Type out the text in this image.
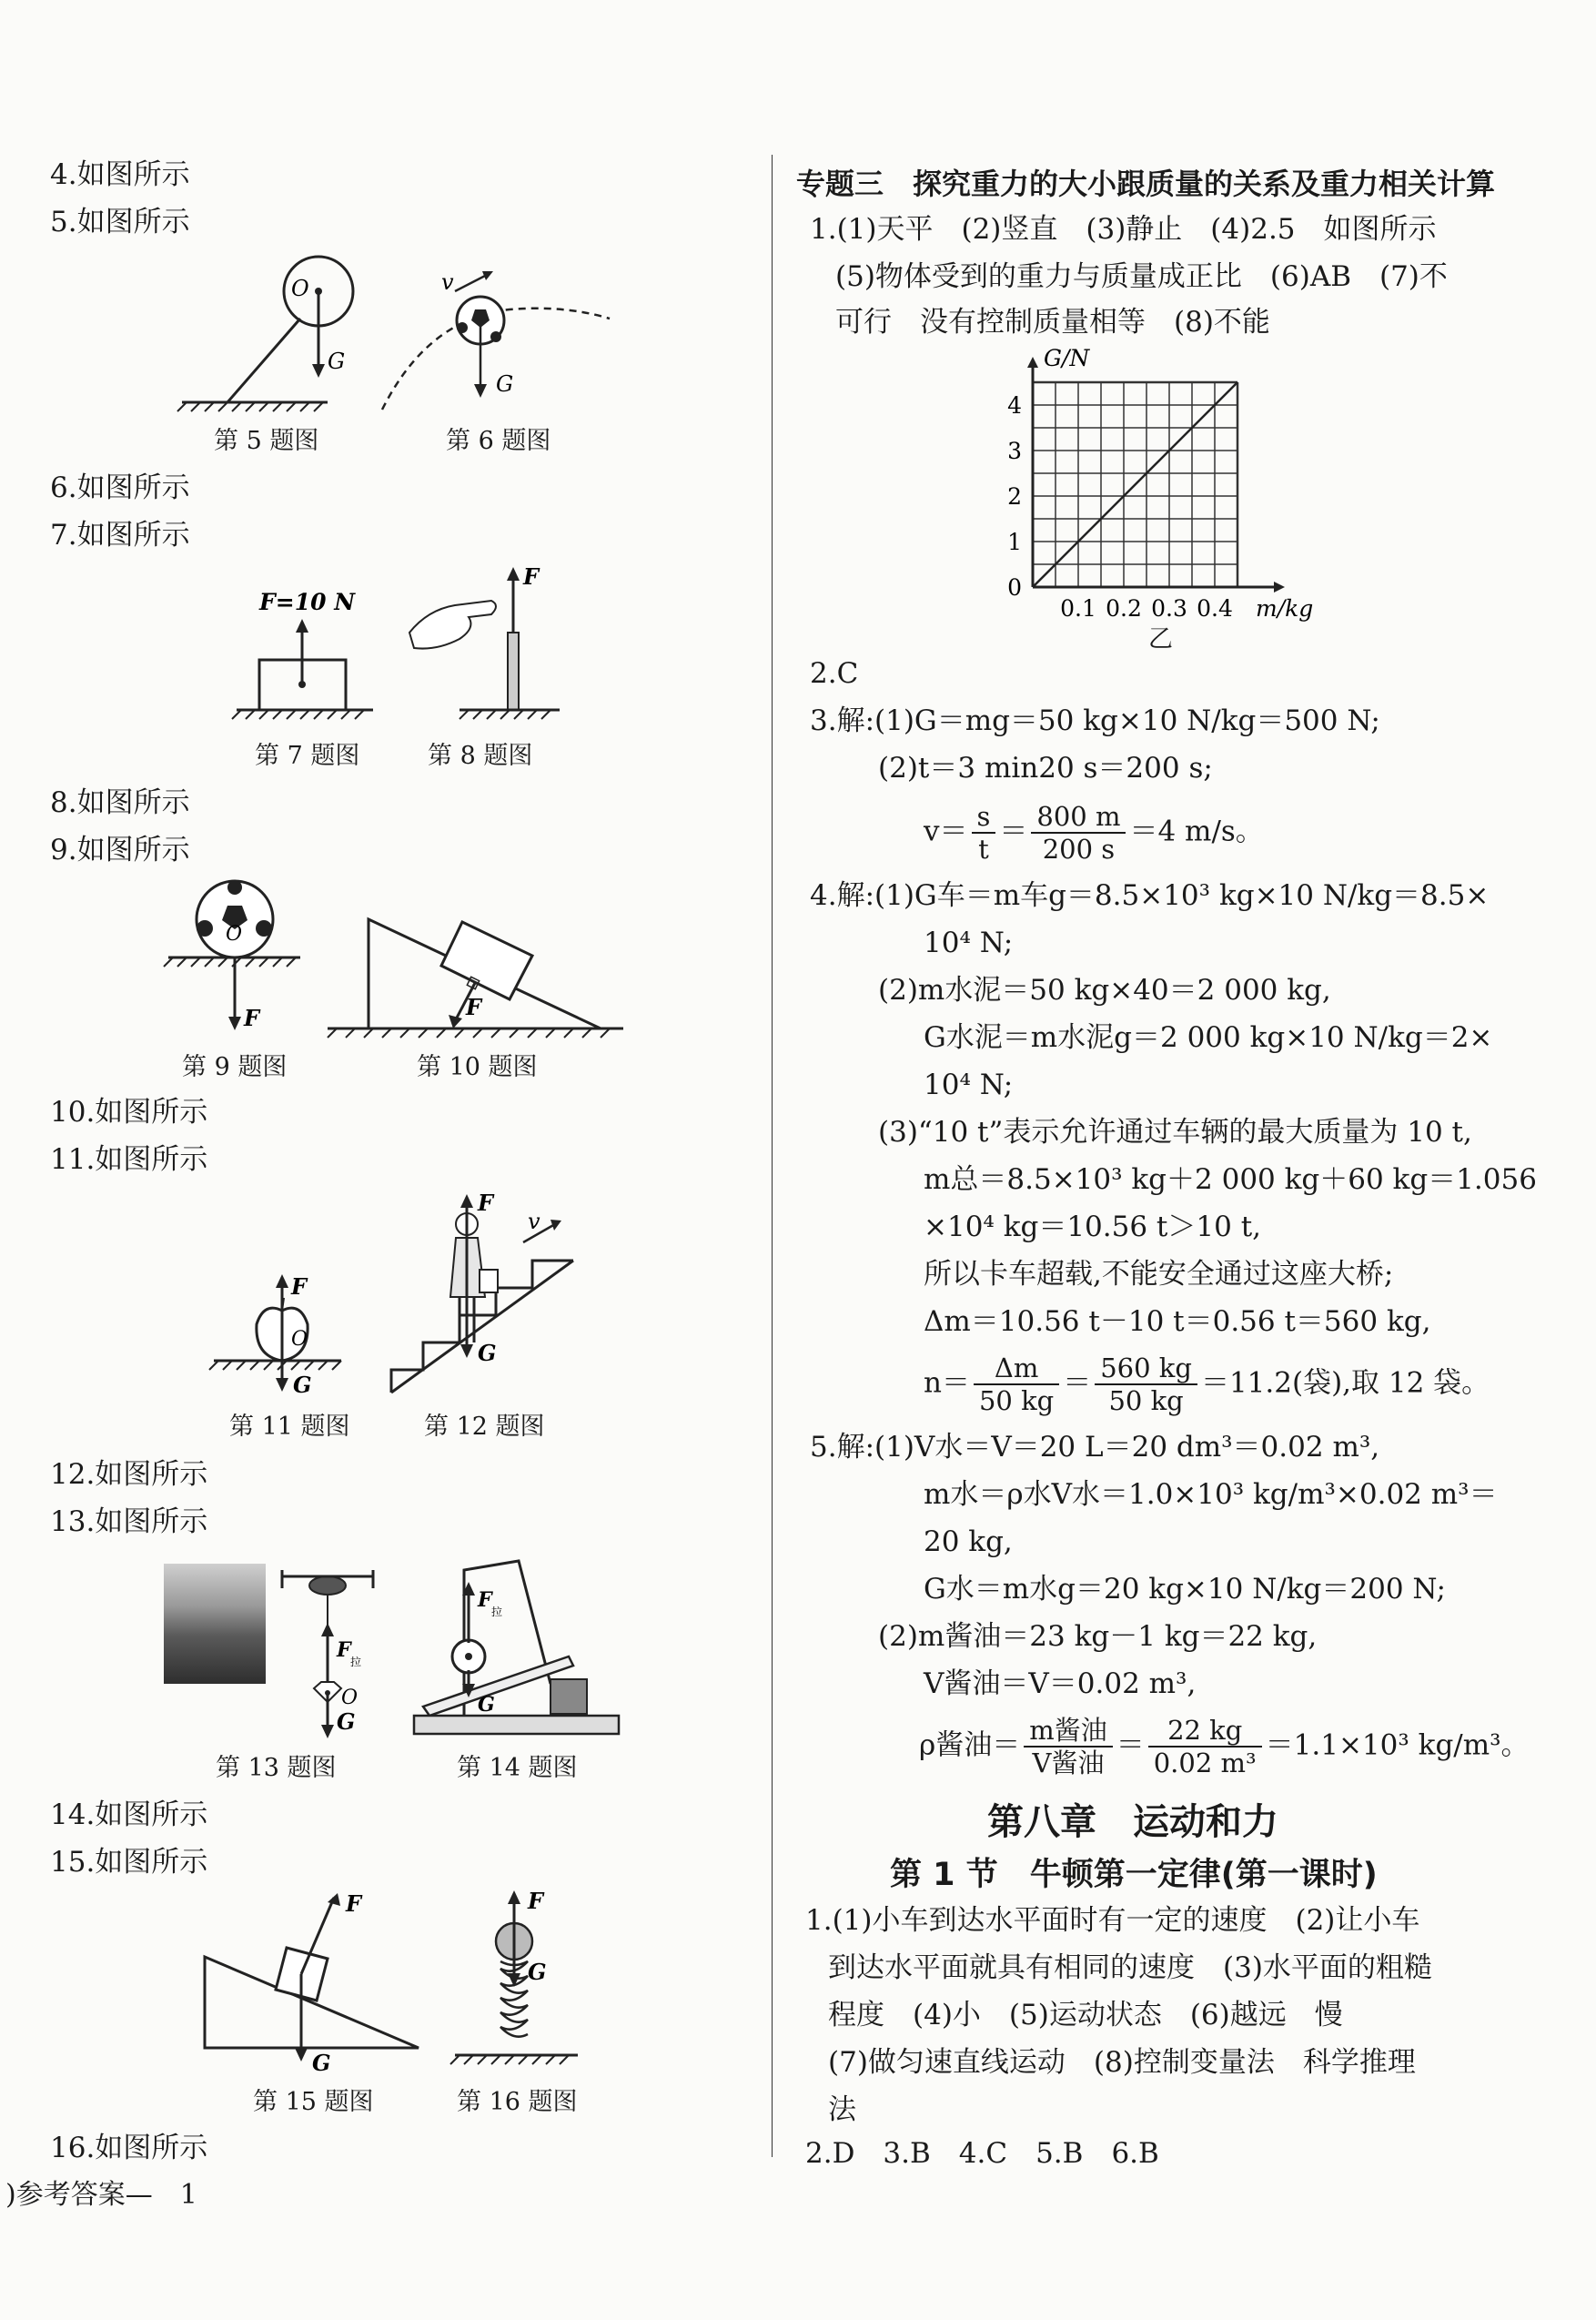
4.如图所示
5.如图所示
6.如图所示
7.如图所示
8.如图所示
9.如图所示
10.如图所示
11.如图所示
12.如图所示
13.如图所示
14.如图所示
15.如图所示
16.如图所示
O
G
第 5 题图
v
G
第 6 题图
F=10 N
第 7 题图
F
第 8 题图
O
F
第 9 题图
F
第 10 题图
F
O
G
第 11 题图
F
v
G
第 12 题图
F 拉
O
G
第 13 题图
F 拉
G
第 14 题图
F
G
第 15 题图
F
G
第 16 题图
专题三　探究重力的大小跟质量的关系及重力相关计算
1.(1)天平　(2)竖直　(3)静止　(4)2.5　如图所示
(5)物体受到的重力与质量成正比　(6)AB　(7)不
可行　没有控制质量相等　(8)不能
0.1 0.2 0.3 0.4
0
1
2
3
4
m/kg
G/N
乙
2.C
3.解:(1)G＝mg＝50 kg×10 N/kg＝500 N;
(2)t＝3 min20 s＝200 s;
$v= \frac{s}{t} = \frac{800 m}{200 s} =4$ m/s。
4.解:(1)G车＝m车g＝8.5×10³ kg×10 N/kg＝8.5×
10⁴ N;
(2)m水泥＝50 kg×40＝2 000 kg,
G水泥＝m水泥g＝2 000 kg×10 N/kg＝2×
10⁴ N;
(3)“10 t”表示允许通过车辆的最大质量为 10 t,
m总＝8.5×10³ kg＋2 000 kg＋60 kg＝1.056
×10⁴ kg＝10.56 t＞10 t,
所以卡车超载,不能安全通过这座大桥;
Δm＝10.56 t－10 t＝0.56 t＝560 kg,
$n= \frac{\Delta m}{50 kg} = \frac{560 kg}{50 kg} =11.2$(袋),取 12 袋。
5.解:(1)V水＝V＝20 L＝20 dm³＝0.02 m³,
m水＝ρ水V水＝1.0×10³ kg/m³×0.02 m³＝
20 kg,
G水＝m水g＝20 kg×10 N/kg＝200 N;
(2)m酱油＝23 kg－1 kg＝22 kg,
V酱油＝V＝0.02 m³,
ρ酱油＝ $\frac{\text{m酱油}}{\text{V酱油}} = \frac{22 kg}{\text{0.02 m³}} =1.1\times 10^3$ kg/m³。
第八章　运动和力
第 1 节　牛顿第一定律(第一课时)
1.(1)小车到达水平面时有一定的速度　(2)让小车
到达水平面就具有相同的速度　(3)水平面的粗糙
程度　(4)小　(5)运动状态　(6)越远　慢
(7)做匀速直线运动　(8)控制变量法　科学推理
法
2.D　3.B　4.C　5.B　6.B
)参考答案—　1
